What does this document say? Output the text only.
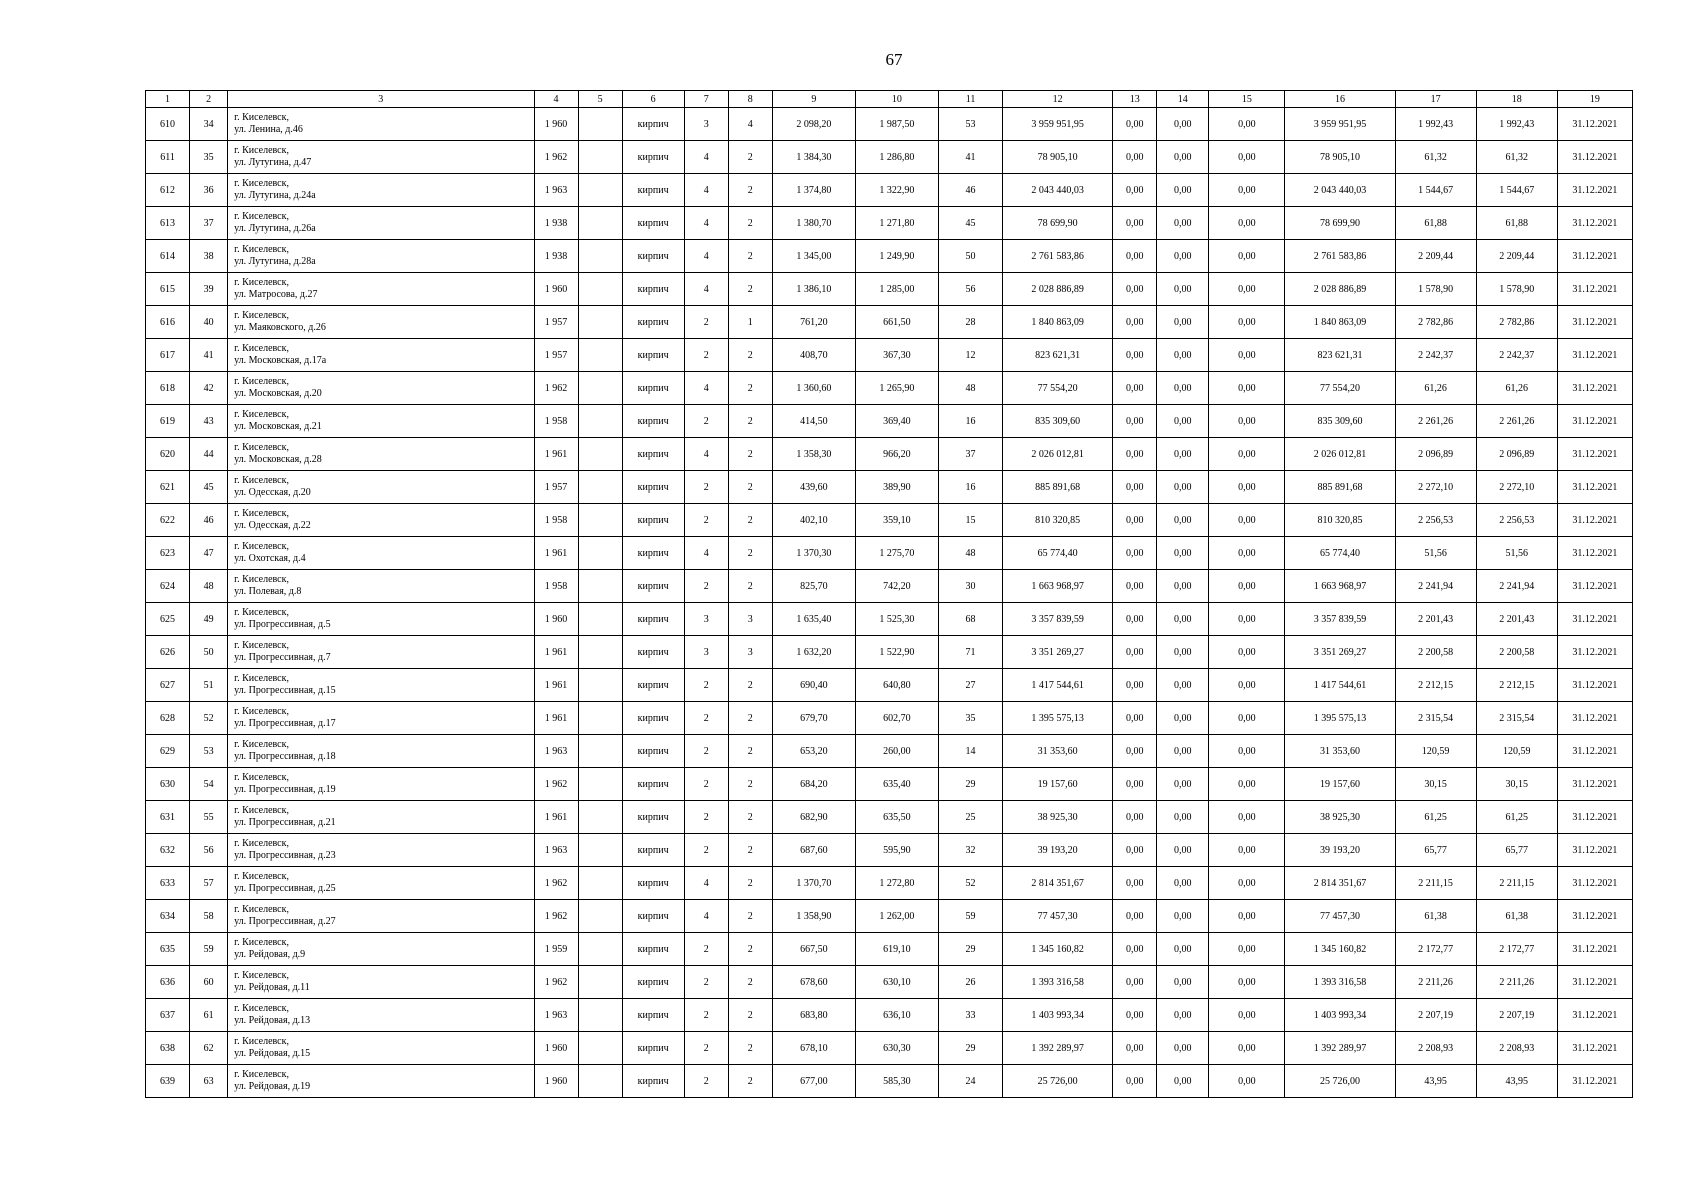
67
1	2	3	4	5	6	7	8	9	10	11	12	13	14	15	16	17	18	19
610	34	г. Киселевск,
ул. Ленина, д.46	1 960		кирпич	3	4	2 098,20	1 987,50	53	3 959 951,95	0,00	0,00	0,00	3 959 951,95	1 992,43	1 992,43	31.12.2021
611	35	г. Киселевск,
ул. Лутугина, д.47	1 962		кирпич	4	2	1 384,30	1 286,80	41	78 905,10	0,00	0,00	0,00	78 905,10	61,32	61,32	31.12.2021
612	36	г. Киселевск,
ул. Лутугина, д.24а	1 963		кирпич	4	2	1 374,80	1 322,90	46	2 043 440,03	0,00	0,00	0,00	2 043 440,03	1 544,67	1 544,67	31.12.2021
613	37	г. Киселевск,
ул. Лутугина, д.26а	1 938		кирпич	4	2	1 380,70	1 271,80	45	78 699,90	0,00	0,00	0,00	78 699,90	61,88	61,88	31.12.2021
614	38	г. Киселевск,
ул. Лутугина, д.28а	1 938		кирпич	4	2	1 345,00	1 249,90	50	2 761 583,86	0,00	0,00	0,00	2 761 583,86	2 209,44	2 209,44	31.12.2021
615	39	г. Киселевск,
ул. Матросова, д.27	1 960		кирпич	4	2	1 386,10	1 285,00	56	2 028 886,89	0,00	0,00	0,00	2 028 886,89	1 578,90	1 578,90	31.12.2021
616	40	г. Киселевск,
ул. Маяковского, д.26	1 957		кирпич	2	1	761,20	661,50	28	1 840 863,09	0,00	0,00	0,00	1 840 863,09	2 782,86	2 782,86	31.12.2021
617	41	г. Киселевск,
ул. Московская, д.17а	1 957		кирпич	2	2	408,70	367,30	12	823 621,31	0,00	0,00	0,00	823 621,31	2 242,37	2 242,37	31.12.2021
618	42	г. Киселевск,
ул. Московская, д.20	1 962		кирпич	4	2	1 360,60	1 265,90	48	77 554,20	0,00	0,00	0,00	77 554,20	61,26	61,26	31.12.2021
619	43	г. Киселевск,
ул. Московская, д.21	1 958		кирпич	2	2	414,50	369,40	16	835 309,60	0,00	0,00	0,00	835 309,60	2 261,26	2 261,26	31.12.2021
620	44	г. Киселевск,
ул. Московская, д.28	1 961		кирпич	4	2	1 358,30	966,20	37	2 026 012,81	0,00	0,00	0,00	2 026 012,81	2 096,89	2 096,89	31.12.2021
621	45	г. Киселевск,
ул. Одесская, д.20	1 957		кирпич	2	2	439,60	389,90	16	885 891,68	0,00	0,00	0,00	885 891,68	2 272,10	2 272,10	31.12.2021
622	46	г. Киселевск,
ул. Одесская, д.22	1 958		кирпич	2	2	402,10	359,10	15	810 320,85	0,00	0,00	0,00	810 320,85	2 256,53	2 256,53	31.12.2021
623	47	г. Киселевск,
ул. Охотская, д.4	1 961		кирпич	4	2	1 370,30	1 275,70	48	65 774,40	0,00	0,00	0,00	65 774,40	51,56	51,56	31.12.2021
624	48	г. Киселевск,
ул. Полевая, д.8	1 958		кирпич	2	2	825,70	742,20	30	1 663 968,97	0,00	0,00	0,00	1 663 968,97	2 241,94	2 241,94	31.12.2021
625	49	г. Киселевск,
ул. Прогрессивная, д.5	1 960		кирпич	3	3	1 635,40	1 525,30	68	3 357 839,59	0,00	0,00	0,00	3 357 839,59	2 201,43	2 201,43	31.12.2021
626	50	г. Киселевск,
ул. Прогрессивная, д.7	1 961		кирпич	3	3	1 632,20	1 522,90	71	3 351 269,27	0,00	0,00	0,00	3 351 269,27	2 200,58	2 200,58	31.12.2021
627	51	г. Киселевск,
ул. Прогрессивная, д.15	1 961		кирпич	2	2	690,40	640,80	27	1 417 544,61	0,00	0,00	0,00	1 417 544,61	2 212,15	2 212,15	31.12.2021
628	52	г. Киселевск,
ул. Прогрессивная, д.17	1 961		кирпич	2	2	679,70	602,70	35	1 395 575,13	0,00	0,00	0,00	1 395 575,13	2 315,54	2 315,54	31.12.2021
629	53	г. Киселевск,
ул. Прогрессивная, д.18	1 963		кирпич	2	2	653,20	260,00	14	31 353,60	0,00	0,00	0,00	31 353,60	120,59	120,59	31.12.2021
630	54	г. Киселевск,
ул. Прогрессивная, д.19	1 962		кирпич	2	2	684,20	635,40	29	19 157,60	0,00	0,00	0,00	19 157,60	30,15	30,15	31.12.2021
631	55	г. Киселевск,
ул. Прогрессивная, д.21	1 961		кирпич	2	2	682,90	635,50	25	38 925,30	0,00	0,00	0,00	38 925,30	61,25	61,25	31.12.2021
632	56	г. Киселевск,
ул. Прогрессивная, д.23	1 963		кирпич	2	2	687,60	595,90	32	39 193,20	0,00	0,00	0,00	39 193,20	65,77	65,77	31.12.2021
633	57	г. Киселевск,
ул. Прогрессивная, д.25	1 962		кирпич	4	2	1 370,70	1 272,80	52	2 814 351,67	0,00	0,00	0,00	2 814 351,67	2 211,15	2 211,15	31.12.2021
634	58	г. Киселевск,
ул. Прогрессивная, д.27	1 962		кирпич	4	2	1 358,90	1 262,00	59	77 457,30	0,00	0,00	0,00	77 457,30	61,38	61,38	31.12.2021
635	59	г. Киселевск,
ул. Рейдовая, д.9	1 959		кирпич	2	2	667,50	619,10	29	1 345 160,82	0,00	0,00	0,00	1 345 160,82	2 172,77	2 172,77	31.12.2021
636	60	г. Киселевск,
ул. Рейдовая, д.11	1 962		кирпич	2	2	678,60	630,10	26	1 393 316,58	0,00	0,00	0,00	1 393 316,58	2 211,26	2 211,26	31.12.2021
637	61	г. Киселевск,
ул. Рейдовая, д.13	1 963		кирпич	2	2	683,80	636,10	33	1 403 993,34	0,00	0,00	0,00	1 403 993,34	2 207,19	2 207,19	31.12.2021
638	62	г. Киселевск,
ул. Рейдовая, д.15	1 960		кирпич	2	2	678,10	630,30	29	1 392 289,97	0,00	0,00	0,00	1 392 289,97	2 208,93	2 208,93	31.12.2021
639	63	г. Киселевск,
ул. Рейдовая, д.19	1 960		кирпич	2	2	677,00	585,30	24	25 726,00	0,00	0,00	0,00	25 726,00	43,95	43,95	31.12.2021
